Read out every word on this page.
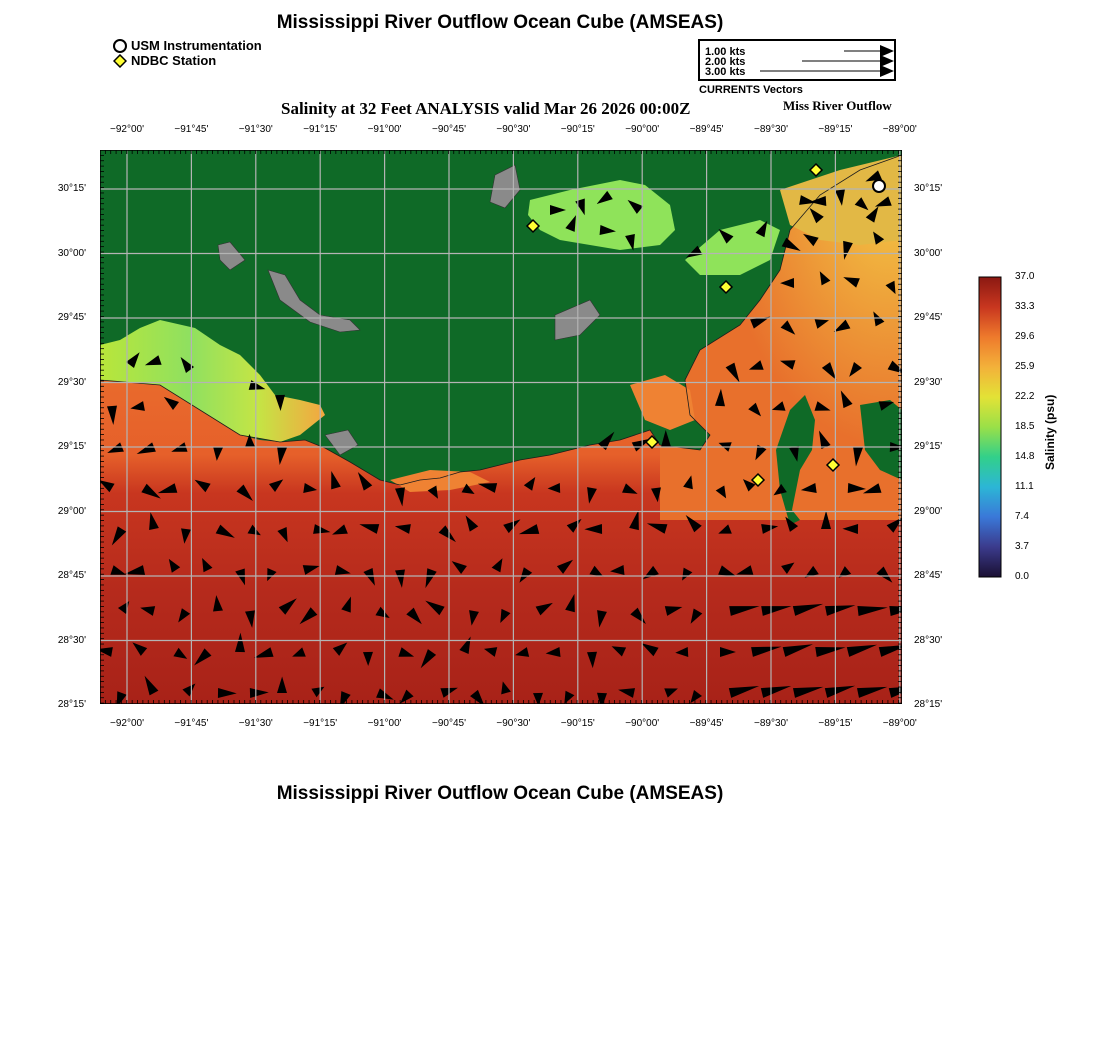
Mississippi River Outflow Ocean Cube (AMSEAS)
USM Instrumentation
NDBC Station
1.00 kts
2.00 kts
3.00 kts
CURRENTS Vectors
Salinity at 32 Feet ANALYSIS valid Mar 26 2026 00:00Z	Miss River Outflow
−92°00'	−91°45'	−91°30'	−91°15'	−91°00'	−90°45'	−90°30'	−90°15'	−90°00'	−89°45'	−89°30'	−89°15'	−89°00'
−92°00'	−91°45'	−91°30'	−91°15'	−91°00'	−90°45'	−90°30'	−90°15'	−90°00'	−89°45'	−89°30'	−89°15'	−89°00'
30°15'
30°00'
29°45'
29°30'
29°15'
29°00'
28°45'
28°30'
28°15'
30°15'
30°00'
29°45'
29°30'
29°15'
29°00'
28°45'
28°30'
28°15'
37.0
33.3
29.6
25.9
22.2
18.5
14.8
11.1
7.4
3.7
0.0
Salinity (psu)
Mississippi River Outflow Ocean Cube (AMSEAS)
